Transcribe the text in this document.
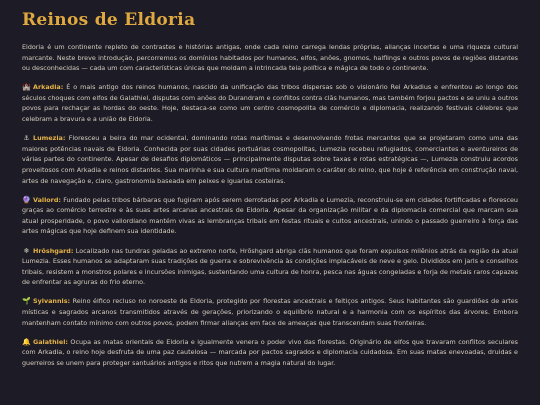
Reinos de Eldoria

Eldoria é um continente repleto de contrastes e histórias antigas, onde cada reino carrega lendas próprias, alianças incertas e uma riqueza cultural marcante. Neste breve introdução, percorremos os domínios habitados por humanos, elfos, anões, gnomos, halflings e outros povos de regiões distantes ou desconhecidas — cada um com características únicas que moldam a intrincada teia política e mágica de todo o continente.

🏰 Arkadia: É o mais antigo dos reinos humanos, nascido da unificação das tribos dispersas sob o visionário Rei Arkadius e enfrentou ao longo dos séculos choques com elfos de Galathiel, disputas com anões do Durandram e conflitos contra clãs humanos, mas também forjou pactos e se uniu a outros povos para rechaçar as hordas do oeste. Hoje, destaca-se como um centro cosmopolita de comércio e diplomacia, realizando festivais célebres que celebram a bravura e a união de Eldoria.

⚓ Lumezia: Floresceu a beira do mar ocidental, dominando rotas marítimas e desenvolvendo frotas mercantes que se projetaram como uma das maiores potências navais de Eldoria. Conhecida por suas cidades portuárias cosmopolitas, Lumezia recebeu refugiados, comerciantes e aventureiros de várias partes do continente. Apesar de desafios diplomáticos — principalmente disputas sobre taxas e rotas estratégicas —, Lumezia construiu acordos proveitosos com Arkadia e reinos distantes. Sua marinha e sua cultura marítima moldaram o caráter do reino, que hoje é referência em construção naval, artes de navegação e, claro, gastronomia baseada em peixes e iguarias costeiras.

🔮 Vallord: Fundado pelas tribos bárbaras que fugiram após serem derrotadas por Arkadia e Lumezia, reconstruiu-se em cidades fortificadas e floresceu graças ao comércio terrestre e às suas artes arcanas ancestrais de Eldoria. Apesar da organização militar e da diplomacia comercial que marcam sua atual prosperidade, o povo vallordiano mantém vivas as lembranças tribais em festas rituais e cultos ancestrais, unindo o passado guerreiro à força das artes mágicas que hoje definem sua identidade.

❄ Hrōshgard: Localizado nas tundras geladas ao extremo norte, Hrōshgard abriga clãs humanos que foram expulsos milênios atrás da região da atual Lumezia. Esses humanos se adaptaram suas tradições de guerra e sobrevivência às condições implacáveis de neve e gelo. Divididos em jarls e conselhos tribais, resistem a monstros polares e incursões inimigas, sustentando uma cultura de honra, pesca nas águas congeladas e forja de metais raros capazes de enfrentar as agruras do frio eterno.

🌱 Sylvannis: Reino élfico recluso no noroeste de Eldoria, protegido por florestas ancestrais e feitiços antigos. Seus habitantes são guardiões de artes místicas e sagrados arcanos transmitidos através de gerações, priorizando o equilíbrio natural e a harmonia com os espíritos das árvores. Embora mantenham contato mínimo com outros povos, podem firmar alianças em face de ameaças que transcendam suas fronteiras.

🔔 Galathiel: Ocupa as matas orientais de Eldoria e igualmente venera o poder vivo das florestas. Originário de elfos que travaram conflitos seculares com Arkadia, o reino hoje desfruta de uma paz cautelosa — marcada por pactos sagrados e diplomacia cuidadosa. Em suas matas enevoadas, druidas e guerreiros se unem para proteger santuários antigos e ritos que nutrem a magia natural do lugar.
